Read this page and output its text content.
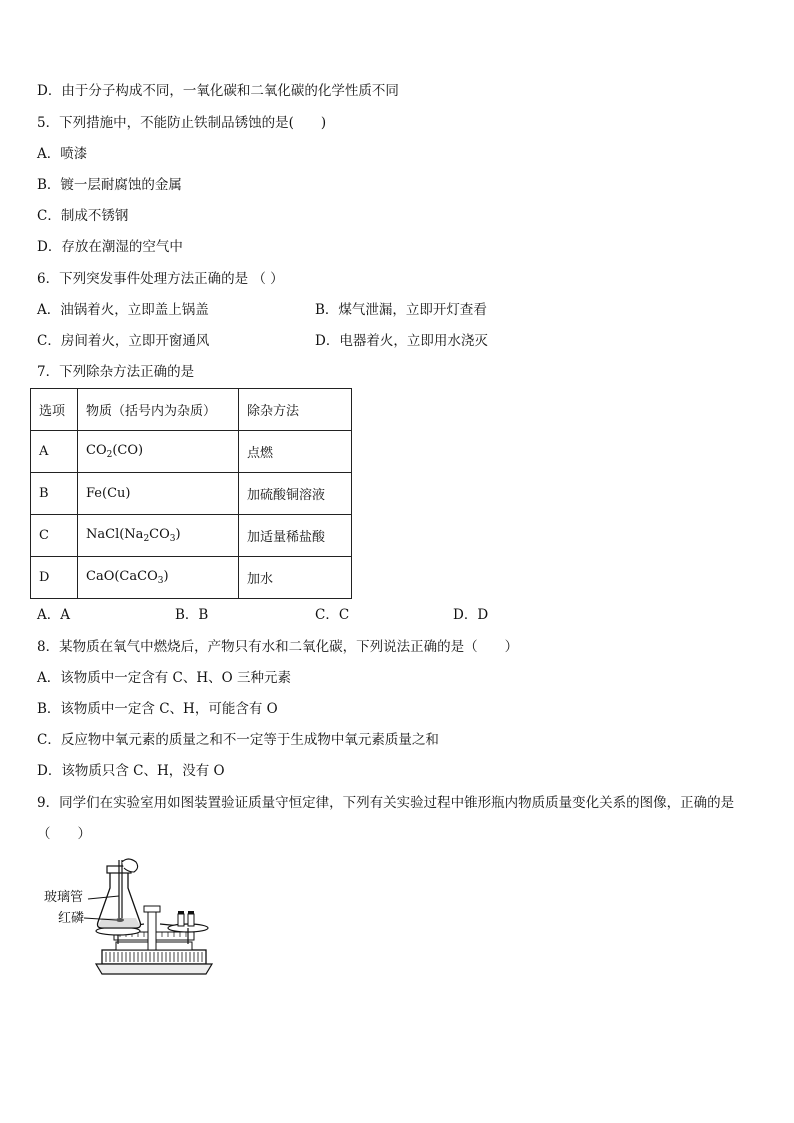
D．由于分子构成不同，一氧化碳和二氧化碳的化学性质不同
5．下列措施中，不能防止铁制品锈蚀的是(　　)
A．喷漆
B．镀一层耐腐蚀的金属
C．制成不锈钢
D．存放在潮湿的空气中
6．下列突发事件处理方法正确的是 （ ）
A．油锅着火，立即盖上锅盖	B．煤气泄漏，立即开灯查看
C．房间着火，立即开窗通风	D．电器着火，立即用水浇灭
7．下列除杂方法正确的是
选项	物质（括号内为杂质）	除杂方法
A	$CO_2(CO)$	点燃
B	Fe(Cu)	加硫酸铜溶液
C	$NaCl(Na_2CO_3)$	加适量稀盐酸
D	CaO(CaCO$_3$)	加水
A．A	B．B	C．C	D．D
8．某物质在氧气中燃烧后，产物只有水和二氧化碳，下列说法正确的是（　　）
A．该物质中一定含有 C、H、O 三种元素
B．该物质中一定含 C、H，可能含有 O
C．反应物中氧元素的质量之和不一定等于生成物中氧元素质量之和
D．该物质只含 C、H，没有 O
9．同学们在实验室用如图装置验证质量守恒定律，下列有关实验过程中锥形瓶内物质质量变化关系的图像，正确的是
（　　）
玻璃管
红磷
